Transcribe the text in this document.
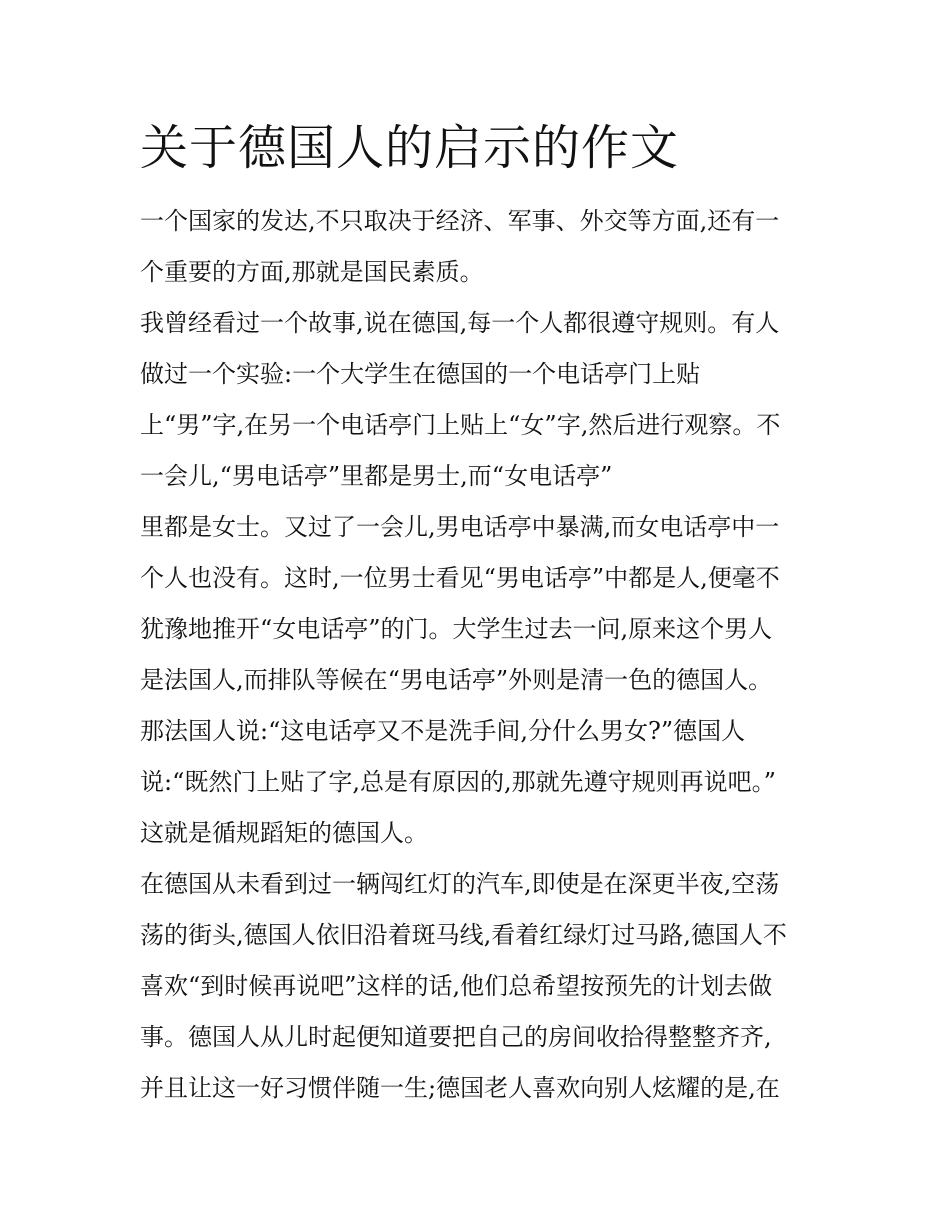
关于德国人的启示的作文
一个国家的发达,不只取决于经济、军事、外交等方面,还有一
个重要的方面,那就是国民素质。
我曾经看过一个故事,说在德国,每一个人都很遵守规则。有人
做过一个实验:一个大学生在德国的一个电话亭门上贴
上“男”字,在另一个电话亭门上贴上“女”字,然后进行观察。不
一会儿,“男电话亭”里都是男士,而“女电话亭”
里都是女士。又过了一会儿,男电话亭中暴满,而女电话亭中一
个人也没有。这时,一位男士看见“男电话亭”中都是人,便毫不
犹豫地推开“女电话亭”的门。大学生过去一问,原来这个男人
是法国人,而排队等候在“男电话亭”外则是清一色的德国人。
那法国人说:“这电话亭又不是洗手间,分什么男女?”德国人
说:“既然门上贴了字,总是有原因的,那就先遵守规则再说吧。”
这就是循规蹈矩的德国人。
在德国从未看到过一辆闯红灯的汽车,即使是在深更半夜,空荡
荡的街头,德国人依旧沿着斑马线,看着红绿灯过马路,德国人不
喜欢“到时候再说吧”这样的话,他们总希望按预先的计划去做
事。德国人从儿时起便知道要把自己的房间收拾得整整齐齐,
并且让这一好习惯伴随一生;德国老人喜欢向别人炫耀的是,在
